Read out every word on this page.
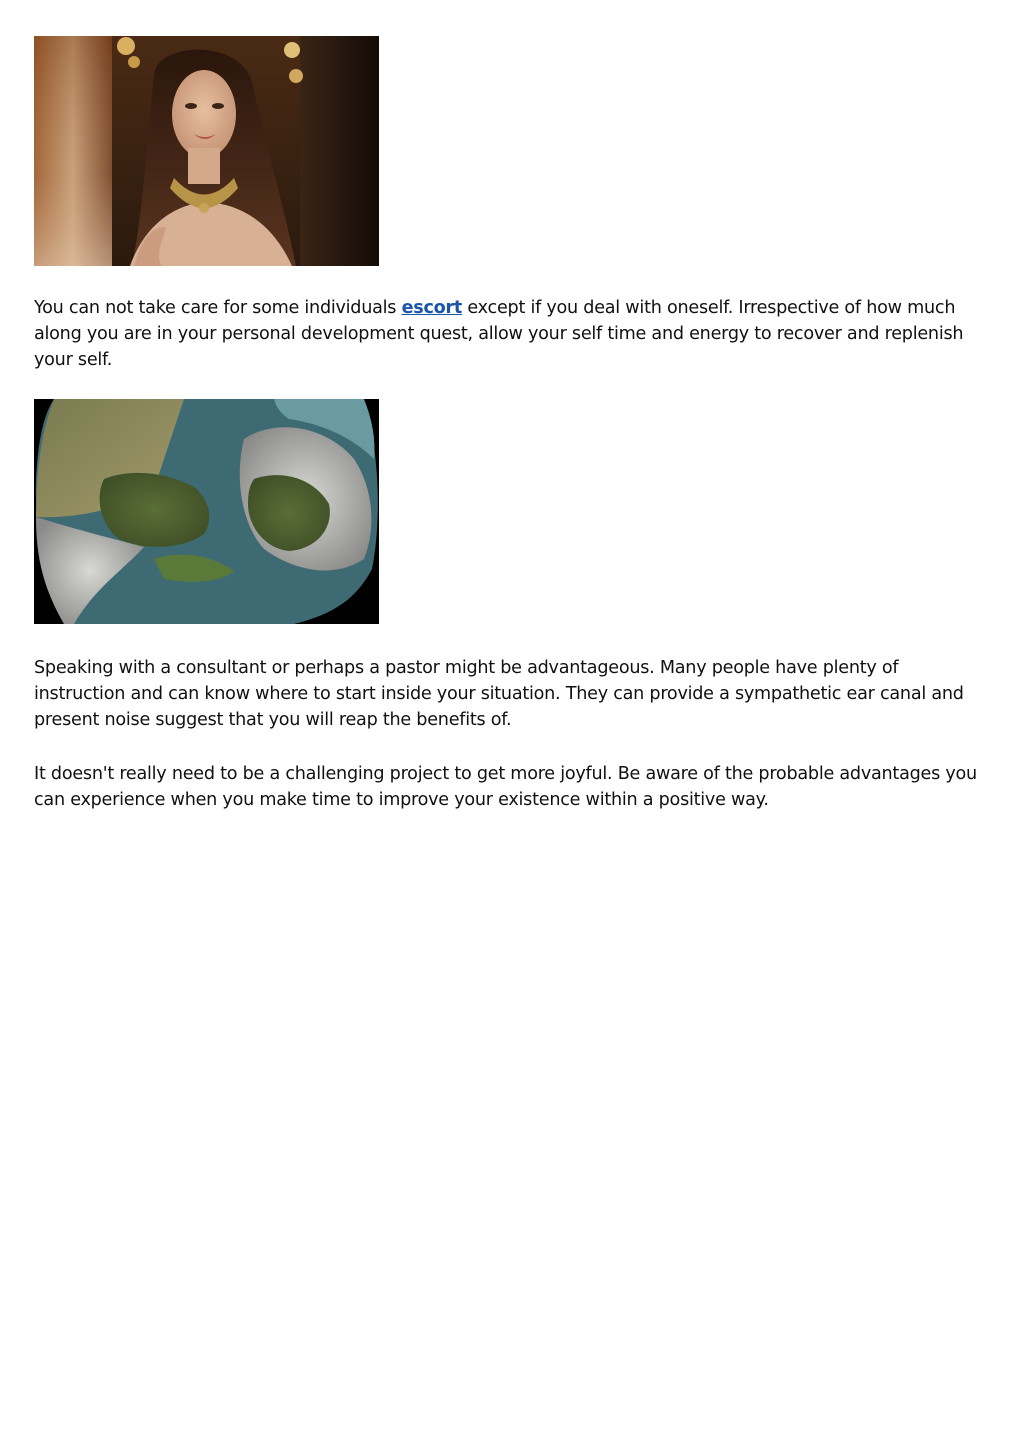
You can not take care for some individuals escort except if you deal with oneself. Irrespective of how much along you are in your personal development quest, allow your self time and energy to recover and replenish your self.

Speaking with a consultant or perhaps a pastor might be advantageous. Many people have plenty of instruction and can know where to start inside your situation. They can provide a sympathetic ear canal and present noise suggest that you will reap the benefits of.

It doesn't really need to be a challenging project to get more joyful. Be aware of the probable advantages you can experience when you make time to improve your existence within a positive way.
